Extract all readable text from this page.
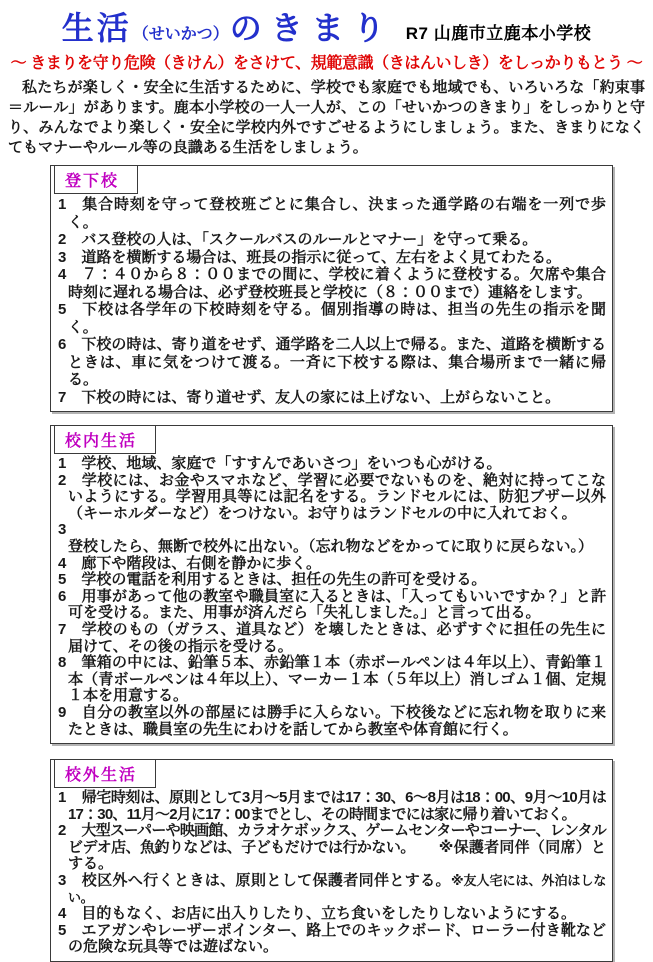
生活 （せいかつ） のきまり R7 山鹿市立鹿本小学校
～ きまりを守り危険（きけん）をさけて、規範意識（きはんいしき）をしっかりもとう ～

私たちが楽しく・安全に生活するために、学校でも家庭でも地域でも、いろいろな「約束事＝ルール」があります。鹿本小学校の一人一人が、この「せいかつのきまり」をしっかりと守り、みんなでより楽しく・安全に学校内外ですごせるようにしましょう。また、きまりになくてもマナーやルール等の良識ある生活をしましょう。

登下校
1 集合時刻を守って登校班ごとに集合し、決まった通学路の右端を一列で歩く。
2 バス登校の人は、「スクールバスのルールとマナー」を守って乗る。
3 道路を横断する場合は、班長の指示に従って、左右をよく見てわたる。
4 ７：４０から８：００までの間に、学校に着くように登校する。欠席や集合時刻に遅れる場合は、必ず登校班長と学校に（８：００まで）連絡をします。
5 下校は各学年の下校時刻を守る。個別指導の時は、担当の先生の指示を聞く。
6 下校の時は、寄り道をせず、通学路を二人以上で帰る。また、道路を横断するときは、車に気をつけて渡る。一斉に下校する際は、集合場所まで一緒に帰る。
7 下校の時には、寄り道せず、友人の家には上げない、上がらないこと。
校内生活
1 学校、地域、家庭で「すすんであいさつ」をいつも心がける。
2 学校には、お金やスマホなど、学習に必要でないものを、絶対に持ってこないようにする。学習用具等には記名をする。ランドセルには、防犯ブザー以外（キーホルダーなど）をつけない。お守りはランドセルの中に入れておく。
3登校したら、無断で校外に出ない。（忘れ物などをかってに取りに戻らない。）
4 廊下や階段は、右側を静かに歩く。
5 学校の電話を利用するときは、担任の先生の許可を受ける。
6 用事があって他の教室や職員室に入るときは、「入ってもいいですか？」と許可を受ける。また、用事が済んだら「失礼しました。」と言って出る。
7 学校のもの（ガラス、道具など）を壊したときは、必ずすぐに担任の先生に届けて、その後の指示を受ける。
8 筆箱の中には、鉛筆５本、赤鉛筆１本（赤ボールペンは４年以上）、青鉛筆１本（青ボールペンは４年以上）、マーカー１本（５年以上）消しゴム１個、定規１本を用意する。
9 自分の教室以外の部屋には勝手に入らない。下校後などに忘れ物を取りに来たときは、職員室の先生にわけを話してから教室や体育館に行く。
校外生活
1 帰宅時刻は、原則として3月～5月までは17：30、6～8月は18：00、9月～10月は17：30、11月～2月に17：00までとし、その時間までには家に帰り着いておく。
2 大型スーパーや映画館、カラオケボックス、ゲームセンターやコーナー、レンタルビデオ店、魚釣りなどは、子どもだけでは行かない。 ※保護者同伴（同席）とする。
3 校区外へ行くときは、原則として保護者同伴とする。※友人宅には、外泊はしない。
4 目的もなく、お店に出入りしたり、立ち食いをしたりしないようにする。
5 エアガンやレーザーポインター、路上でのキックボード、ローラー付き靴などの危険な玩具等では遊ばない。
